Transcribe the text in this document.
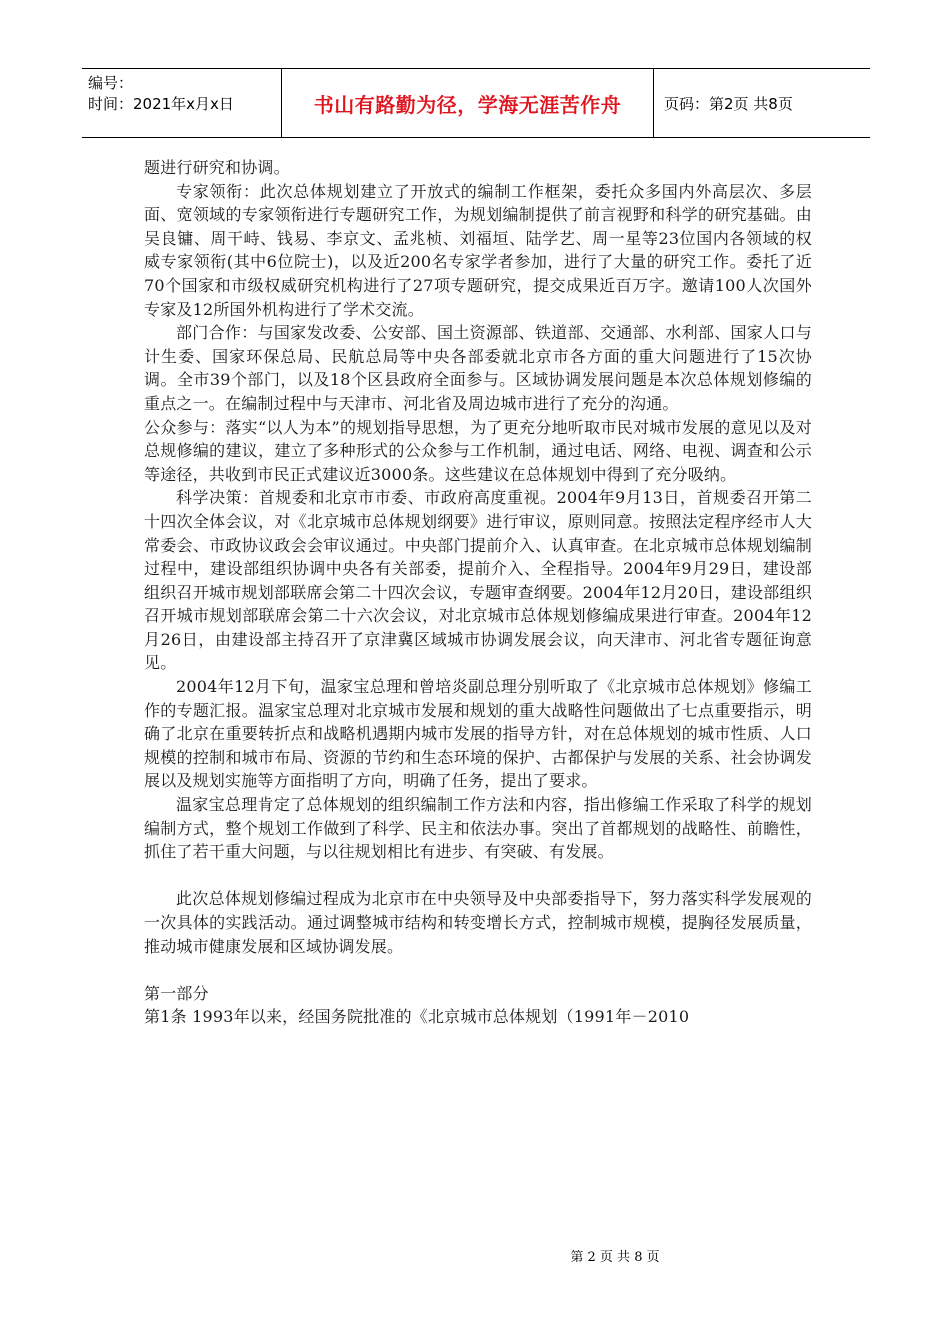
编号：
时间：2021年x月x日	书山有路勤为径，学海无涯苦作舟	页码：第2页 共8页

题进行研究和协调。

专家领衔：此次总体规划建立了开放式的编制工作框架，委托众多国内外高层次、多层面、宽领域的专家领衔进行专题研究工作，为规划编制提供了前言视野和科学的研究基础。由吴良镛、周干峙、钱易、李京文、孟兆桢、刘福垣、陆学艺、周一星等23位国内各领域的权威专家领衔(其中6位院士)，以及近200名专家学者参加，进行了大量的研究工作。委托了近70个国家和市级权威研究机构进行了27项专题研究，提交成果近百万字。邀请100人次国外专家及12所国外机构进行了学术交流。

部门合作：与国家发改委、公安部、国土资源部、铁道部、交通部、水利部、国家人口与计生委、国家环保总局、民航总局等中央各部委就北京市各方面的重大问题进行了15次协调。全市39个部门，以及18个区县政府全面参与。区域协调发展问题是本次总体规划修编的重点之一。在编制过程中与天津市、河北省及周边城市进行了充分的沟通。

公众参与：落实“以人为本”的规划指导思想，为了更充分地听取市民对城市发展的意见以及对总规修编的建议，建立了多种形式的公众参与工作机制，通过电话、网络、电视、调查和公示等途径，共收到市民正式建议近3000条。这些建议在总体规划中得到了充分吸纳。

科学决策：首规委和北京市市委、市政府高度重视。2004年9月13日，首规委召开第二十四次全体会议，对《北京城市总体规划纲要》进行审议，原则同意。按照法定程序经市人大常委会、市政协议政会会审议通过。中央部门提前介入、认真审查。在北京城市总体规划编制过程中，建设部组织协调中央各有关部委，提前介入、全程指导。2004年9月29日，建设部组织召开城市规划部联席会第二十四次会议，专题审查纲要。2004年12月20日，建设部组织召开城市规划部联席会第二十六次会议，对北京城市总体规划修编成果进行审查。2004年12月26日，由建设部主持召开了京津冀区域城市协调发展会议，向天津市、河北省专题征询意见。

2004年12月下旬，温家宝总理和曾培炎副总理分别听取了《北京城市总体规划》修编工作的专题汇报。温家宝总理对北京城市发展和规划的重大战略性问题做出了七点重要指示，明确了北京在重要转折点和战略机遇期内城市发展的指导方针，对在总体规划的城市性质、人口规模的控制和城市布局、资源的节约和生态环境的保护、古都保护与发展的关系、社会协调发展以及规划实施等方面指明了方向，明确了任务，提出了要求。

温家宝总理肯定了总体规划的组织编制工作方法和内容，指出修编工作采取了科学的规划编制方式，整个规划工作做到了科学、民主和依法办事。突出了首都规划的战略性、前瞻性，抓住了若干重大问题，与以往规划相比有进步、有突破、有发展。

此次总体规划修编过程成为北京市在中央领导及中央部委指导下，努力落实科学发展观的一次具体的实践活动。通过调整城市结构和转变增长方式，控制城市规模，提胸径发展质量，推动城市健康发展和区域协调发展。

第一部分

第1条 1993年以来，经国务院批准的《北京城市总体规划（1991年－2010

第 2 页 共 8 页
